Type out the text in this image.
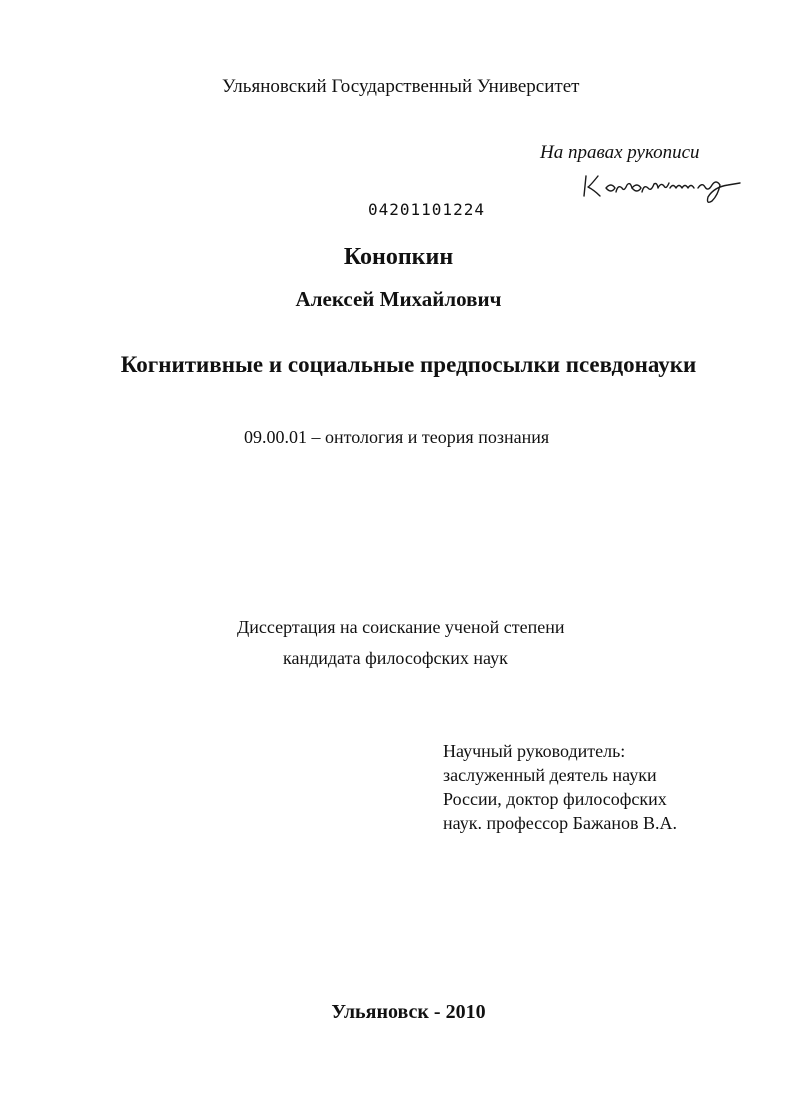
Ульяновский Государственный Университет
На правах рукописи
04201101224
Конопкин
Алексей Михайлович
Когнитивные и социальные предпосылки псевдонауки
09.00.01 – онтология и теория познания
Диссертация на соискание ученой степени
кандидата философских наук
Научный руководитель:
заслуженный деятель науки
России, доктор философских
наук. профессор Бажанов В.А.
Ульяновск - 2010
